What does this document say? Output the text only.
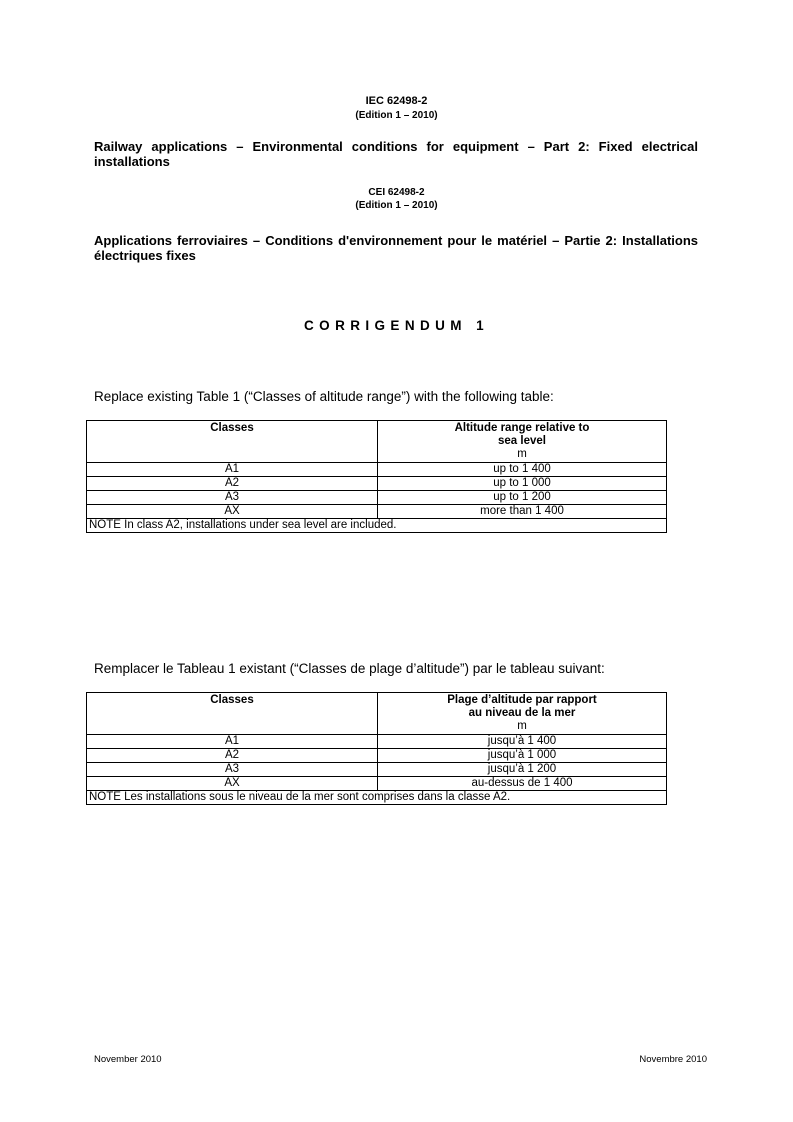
IEC 62498-2
(Edition 1 – 2010)
Railway applications – Environmental conditions for equipment – Part 2: Fixed electrical installations
CEI 62498-2
(Edition 1 – 2010)
Applications ferroviaires – Conditions d'environnement pour le matériel – Partie 2: Installations électriques fixes
CORRIGENDUM 1
Replace existing Table 1 (“Classes of altitude range”) with the following table:
Classes	Altitude range relative to
sea level
m

A1	up to 1 400
A2	up to 1 000
A3	up to 1 200
AX	more than 1 400
NOTE In class A2, installations under sea level are included.	
Remplacer le Tableau 1 existant (“Classes de plage d’altitude”) par le tableau suivant:
Classes	Plage d’altitude par rapport
au niveau de la mer
m

A1	jusqu’à 1 400
A2	jusqu’à 1 000
A3	jusqu’à 1 200
AX	au-dessus de 1 400
NOTE Les installations sous le niveau de la mer sont comprises dans la classe A2.	
November 2010	Novembre 2010
